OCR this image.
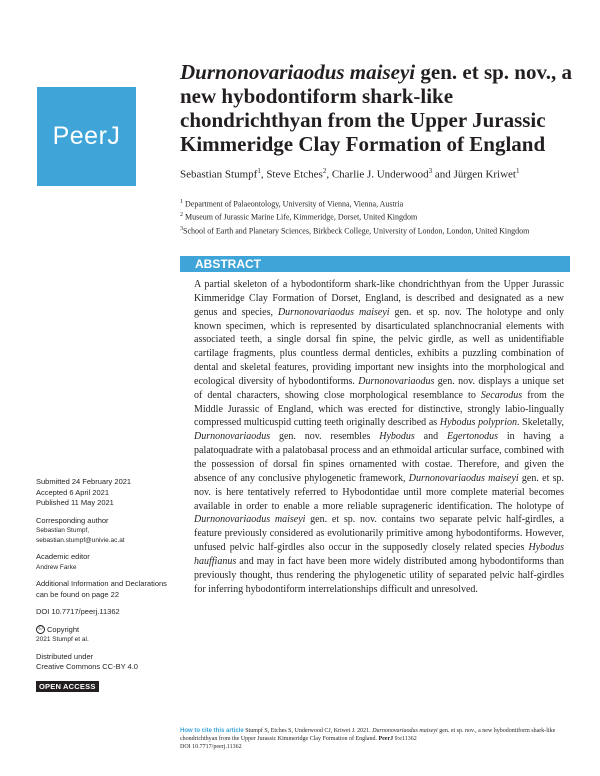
PeerJ
Durnonovariaodus maiseyi gen. et sp. nov., a new hybodontiform shark-like chondrichthyan from the Upper Jurassic Kimmeridge Clay Formation of England
Sebastian Stumpf$^1$, Steve Etches$^2$, Charlie J. Underwood$^3$ and Jürgen Kriwet$^1$
$^1$ Department of Palaeontology, University of Vienna, Vienna, Austria
$^2$ Museum of Jurassic Marine Life, Kimmeridge, Dorset, United Kingdom
$^3$School of Earth and Planetary Sciences, Birkbeck College, University of London, London, United Kingdom
ABSTRACT
A partial skeleton of a hybodontiform shark-like chondrichthyan from the Upper Jurassic Kimmeridge Clay Formation of Dorset, England, is described and designated as a new genus and species, Durnonovariaodus maiseyi gen. et sp. nov. The holotype and only known specimen, which is represented by disarticulated splanchnocranial elements with associated teeth, a single dorsal fin spine, the pelvic girdle, as well as unidentifiable cartilage fragments, plus countless dermal denticles, exhibits a puzzling combination of dental and skeletal features, providing important new insights into the morphological and ecological diversity of hybodontiforms. Durnonovariaodus gen. nov. displays a unique set of dental characters, showing close morphological resemblance to Secarodus from the Middle Jurassic of England, which was erected for distinctive, strongly labio-lingually compressed multicuspid cutting teeth originally described as Hybodus polyprion. Skeletally, Durnonovariaodus gen. nov. resembles Hybodus and Egertonodus in having a palatoquadrate with a palatobasal process and an ethmoidal articular surface, combined with the possession of dorsal fin spines ornamented with costae. Therefore, and given the absence of any conclusive phylogenetic framework, Durnonovariaodus maiseyi gen. et sp. nov. is here tentatively referred to Hybodontidae until more complete material becomes available in order to enable a more reliable suprageneric identification. The holotype of Durnonovariaodus maiseyi gen. et sp. nov. contains two separate pelvic half-girdles, a feature previously considered as evolutionarily primitive among hybodontiforms. However, unfused pelvic half-girdles also occur in the supposedly closely related species Hybodus hauffianus and may in fact have been more widely distributed among hybodontiforms than previously thought, thus rendering the phylogenetic utility of separated pelvic half-girdles for inferring hybodontiform interrelationships difficult and unresolved.
Submitted 24 February 2021
Accepted 6 April 2021
Published 11 May 2021
Corresponding author
Sebastian Stumpf,
sebastian.stumpf@univie.ac.at
Academic editor
Andrew Farke
Additional Information and Declarations can be found on page 22
DOI 10.7717/peerj.11362
© Copyright
2021 Stumpf et al.
Distributed under
Creative Commons CC-BY 4.0
OPEN ACCESS
How to cite this article Stumpf S, Etches S, Underwood CJ, Kriwet J. 2021. Durnonovariaodus maiseyi gen. et sp. nov., a new hybodontiform shark-like chondrichthyan from the Upper Jurassic Kimmeridge Clay Formation of England. PeerJ 9:e11362
DOI 10.7717/peerj.11362
